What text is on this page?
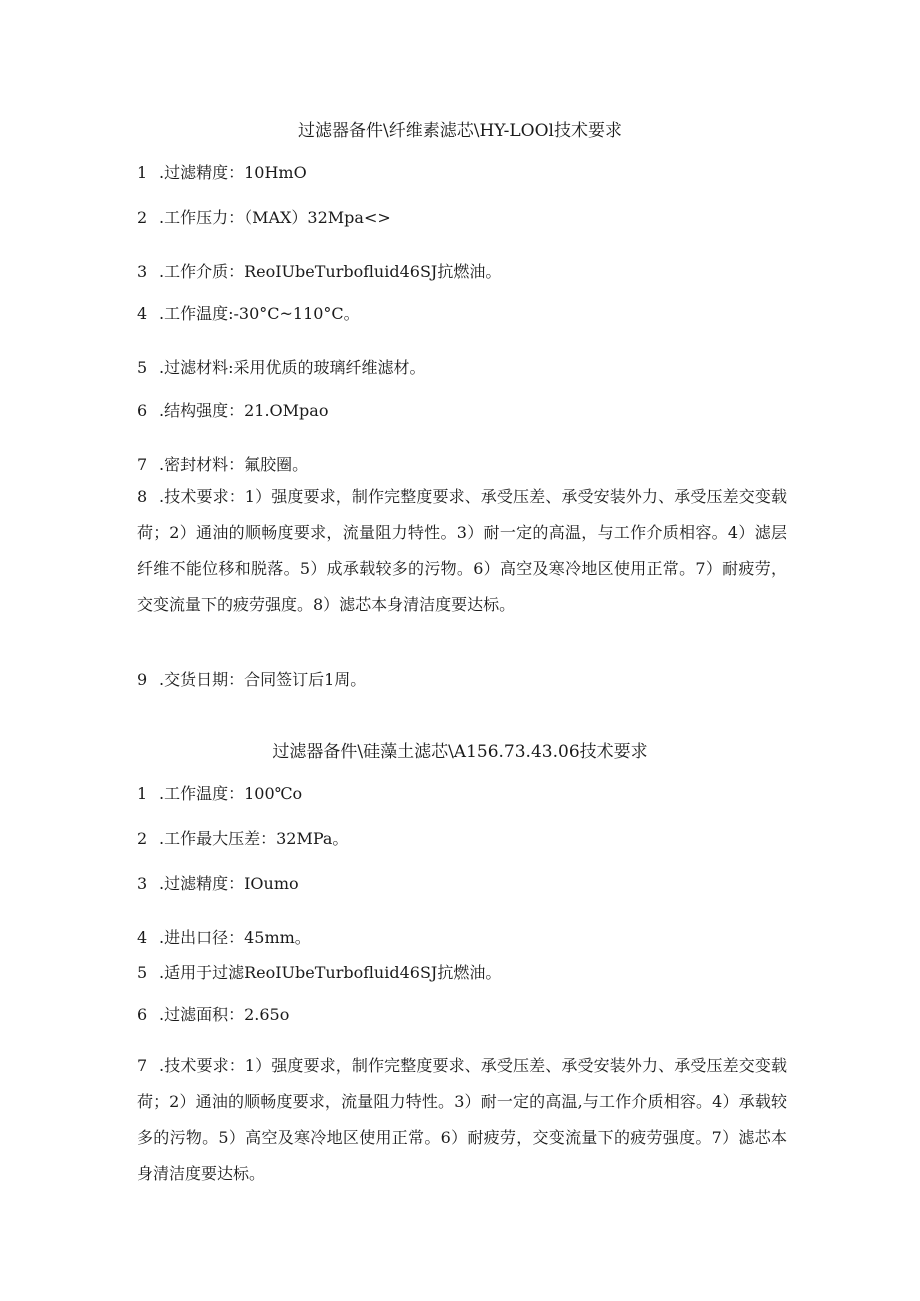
过滤器备件\纤维素滤芯\HY-LOOl技术要求
1 .过滤精度：10HmO
2 .工作压力：（MAX）32Mpa<>
3 .工作介质：ReoIUbeTurbofluid46SJ抗燃油。
4 .工作温度:-30°C~110°C。
5 .过滤材料:采用优质的玻璃纤维滤材。
6 .结构强度：21.OMpao
7 .密封材料：氟胶圈。
8 .技术要求：1）强度要求，制作完整度要求、承受压差、承受安装外力、承受压差交变载荷；2）通油的顺畅度要求，流量阻力特性。3）耐一定的高温，与工作介质相容。4）滤层纤维不能位移和脱落。5）成承载较多的污物。6）高空及寒冷地区使用正常。7）耐疲劳，交变流量下的疲劳强度。8）滤芯本身清洁度要达标。
9 .交货日期：合同签订后1周。
过滤器备件\硅藻土滤芯\A156.73.43.06技术要求
1 .工作温度：100℃o
2 .工作最大压差：32MPa。
3 .过滤精度：IOumo
4 .进出口径：45mm。
5 .适用于过滤ReoIUbeTurbofluid46SJ抗燃油。
6 .过滤面积：2.65o
7 .技术要求：1）强度要求，制作完整度要求、承受压差、承受安装外力、承受压差交变载荷；2）通油的顺畅度要求，流量阻力特性。3）耐一定的高温,与工作介质相容。4）承载较多的污物。5）高空及寒冷地区使用正常。6）耐疲劳，交变流量下的疲劳强度。7）滤芯本身清洁度要达标。
